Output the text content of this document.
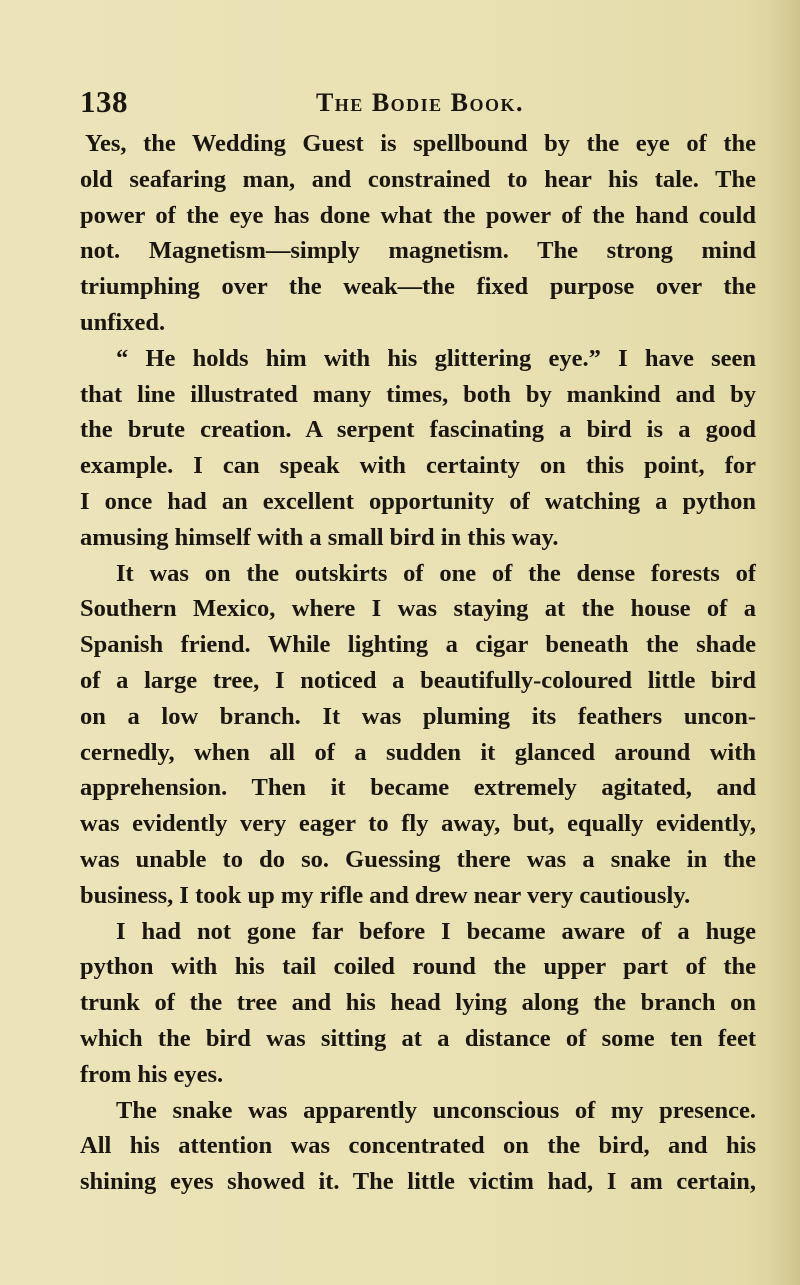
138	The Bodie Book.
Yes, the Wedding Guest is spellbound by the eye of the
old seafaring man, and constrained to hear his tale. The
power of the eye has done what the power of the hand could
not. Magnetism—simply magnetism. The strong mind
triumphing over the weak—the fixed purpose over the
unfixed.
“ He holds him with his glittering eye.” I have seen
that line illustrated many times, both by mankind and by
the brute creation. A serpent fascinating a bird is a good
example. I can speak with certainty on this point, for
I once had an excellent opportunity of watching a python
amusing himself with a small bird in this way.
It was on the outskirts of one of the dense forests of
Southern Mexico, where I was staying at the house of a
Spanish friend. While lighting a cigar beneath the shade
of a large tree, I noticed a beautifully-coloured little bird
on a low branch. It was pluming its feathers uncon-
cernedly, when all of a sudden it glanced around with
apprehension. Then it became extremely agitated, and
was evidently very eager to fly away, but, equally evidently,
was unable to do so. Guessing there was a snake in the
business, I took up my rifle and drew near very cautiously.
I had not gone far before I became aware of a huge
python with his tail coiled round the upper part of the
trunk of the tree and his head lying along the branch on
which the bird was sitting at a distance of some ten feet
from his eyes.
The snake was apparently unconscious of my presence.
All his attention was concentrated on the bird, and his
shining eyes showed it. The little victim had, I am certain,
